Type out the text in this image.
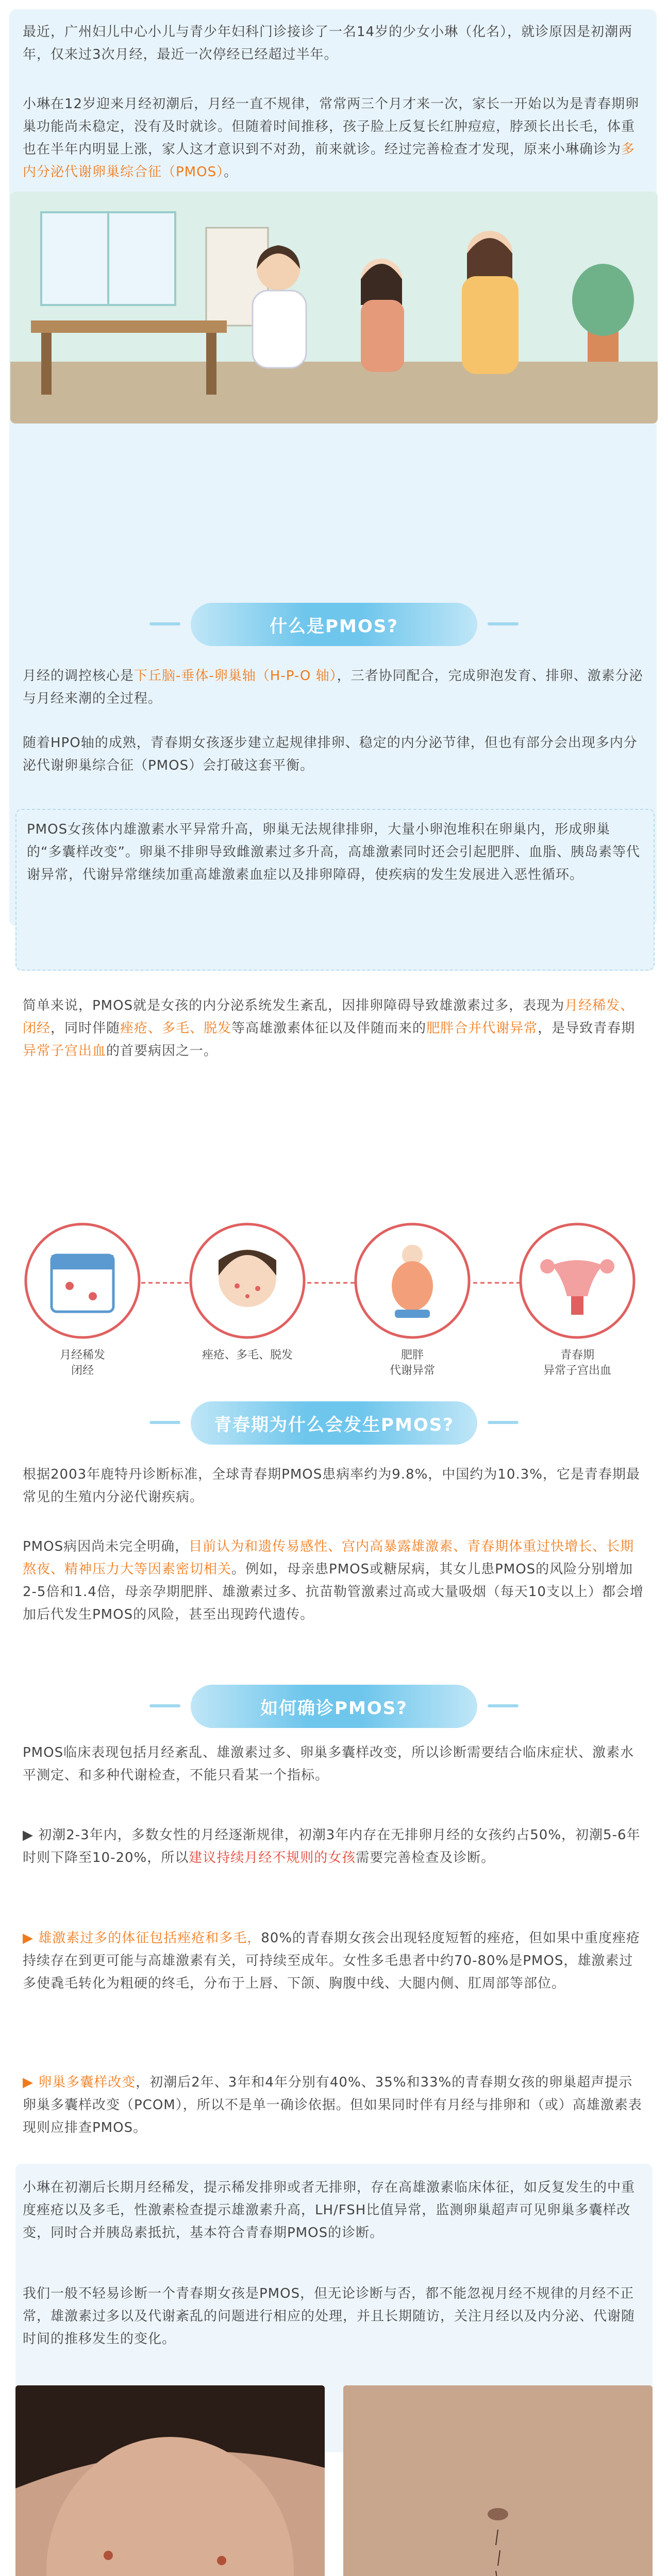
最近，广州妇儿中心小儿与青少年妇科门诊接诊了一名14岁的少女小琳（化名），就诊原因是初潮两年，仅来过3次月经，最近一次停经已经超过半年。

小琳在12岁迎来月经初潮后，月经一直不规律，常常两三个月才来一次，家长一开始以为是青春期卵巢功能尚未稳定，没有及时就诊。但随着时间推移，孩子脸上反复长红肿痘痘，脖颈长出长毛，体重也在半年内明显上涨，家人这才意识到不对劲，前来就诊。经过完善检查才发现，原来小琳确诊为多内分泌代谢卵巢综合征（PMOS）。

什么是PMOS?

月经的调控核心是下丘脑-垂体-卵巢轴（H-P-O 轴），三者协同配合，完成卵泡发育、排卵、激素分泌与月经来潮的全过程。

随着HPO轴的成熟，青春期女孩逐步建立起规律排卵、稳定的内分泌节律，但也有部分会出现多内分泌代谢卵巢综合征（PMOS）会打破这套平衡。

PMOS女孩体内雄激素水平异常升高，卵巢无法规律排卵，大量小卵泡堆积在卵巢内，形成卵巢的“多囊样改变”。卵巢不排卵导致雌激素过多升高，高雄激素同时还会引起肥胖、血脂、胰岛素等代谢异常，代谢异常继续加重高雄激素血症以及排卵障碍，使疾病的发生发展进入恶性循环。

简单来说，PMOS就是女孩的内分泌系统发生紊乱，因排卵障碍导致雄激素过多，表现为月经稀发、闭经，同时伴随痤疮、多毛、脱发等高雄激素体征以及伴随而来的肥胖合并代谢异常，是导致青春期异常子宫出血的首要病因之一。

月经稀发
闭经
痤疮、多毛、脱发	肥胖
代谢异常
青春期
异常子宫出血
青春期为什么会发生PMOS?

根据2003年鹿特丹诊断标准，全球青春期PMOS患病率约为9.8%，中国约为10.3%，它是青春期最常见的生殖内分泌代谢疾病。

PMOS病因尚未完全明确，目前认为和遗传易感性、宫内高暴露雄激素、青春期体重过快增长、长期熬夜、精神压力大等因素密切相关。例如，母亲患PMOS或糖尿病，其女儿患PMOS的风险分别增加2-5倍和1.4倍，母亲孕期肥胖、雄激素过多、抗苗勒管激素过高或大量吸烟（每天10支以上）都会增加后代发生PMOS的风险，甚至出现跨代遗传。

如何确诊PMOS?

PMOS临床表现包括月经紊乱、雄激素过多、卵巢多囊样改变，所以诊断需要结合临床症状、激素水平测定、和多种代谢检查，不能只看某一个指标。

▶ 初潮2-3年内，多数女性的月经逐渐规律，初潮3年内存在无排卵月经的女孩约占50%，初潮5-6年时则下降至10-20%，所以建议持续月经不规则的女孩需要完善检查及诊断。

▶ 雄激素过多的体征包括痤疮和多毛，80%的青春期女孩会出现轻度短暂的痤疮，但如果中重度痤疮持续存在到更可能与高雄激素有关，可持续至成年。女性多毛患者中约70-80%是PMOS，雄激素过多使毳毛转化为粗硬的终毛，分布于上唇、下颌、胸腹中线、大腿内侧、肛周部等部位。

▶ 卵巢多囊样改变，初潮后2年、3年和4年分别有40%、35%和33%的青春期女孩的卵巢超声提示卵巢多囊样改变（PCOM），所以不是单一确诊依据。但如果同时伴有月经与排卵和（或）高雄激素表现则应排查PMOS。

小琳在初潮后长期月经稀发，提示稀发排卵或者无排卵，存在高雄激素临床体征，如反复发生的中重度痤疮以及多毛，性激素检查提示雄激素升高，LH/FSH比值异常，监测卵巢超声可见卵巢多囊样改变，同时合并胰岛素抵抗，基本符合青春期PMOS的诊断。

我们一般不轻易诊断一个青春期女孩是PMOS，但无论诊断与否，都不能忽视月经不规律的月经不正常，雄激素过多以及代谢紊乱的问题进行相应的处理，并且长期随访，关注月经以及内分泌、代谢随时间的推移发生的变化。
